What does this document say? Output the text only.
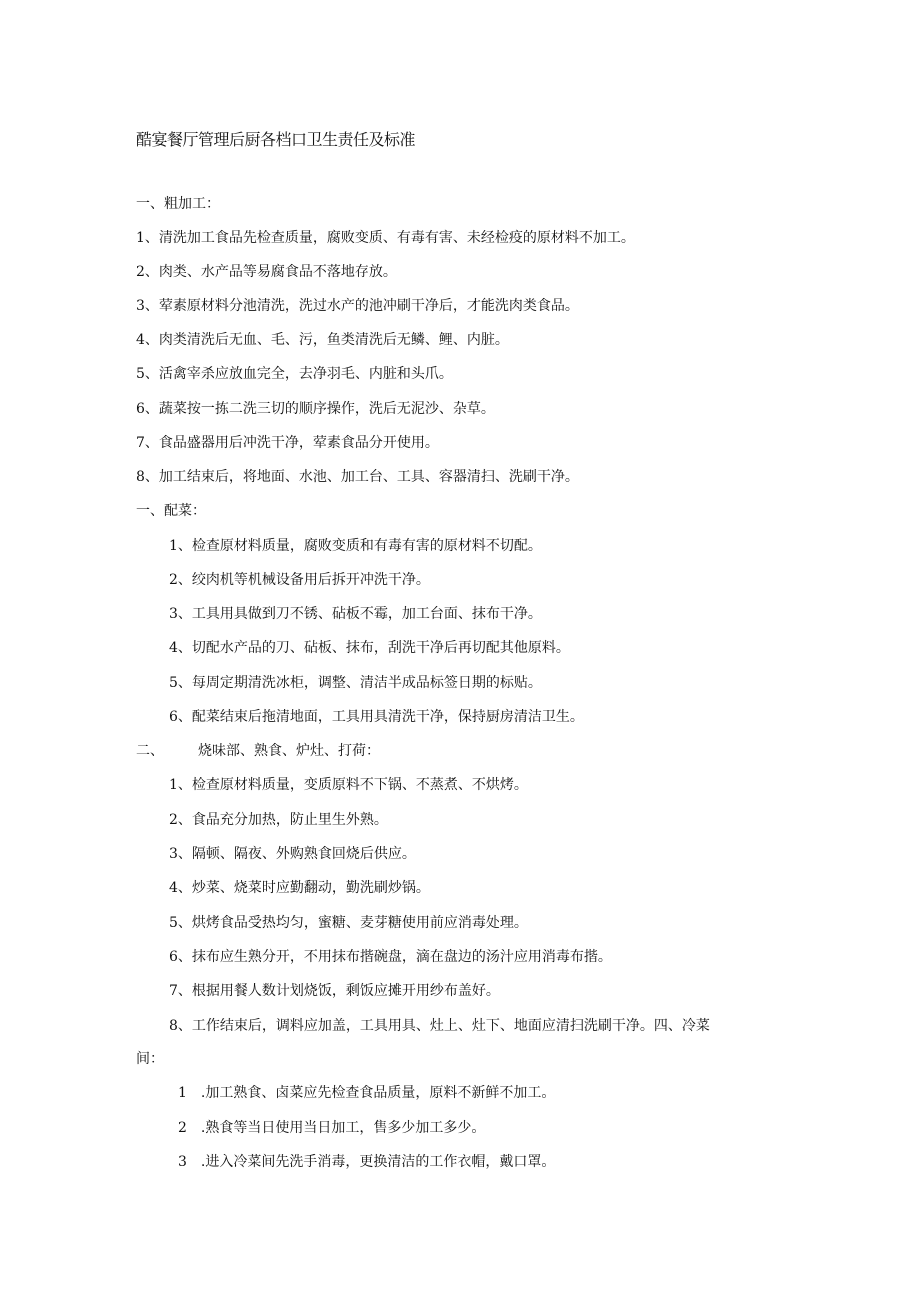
酷宴餐厅管理后厨各档口卫生责任及标准
一、粗加工：
1、清洗加工食品先检查质量，腐败变质、有毒有害、未经检疫的原材料不加工。
2、肉类、水产品等易腐食品不落地存放。
3、荤素原材料分池清洗，洗过水产的池冲刷干净后，才能洗肉类食品。
4、肉类清洗后无血、毛、污，鱼类清洗后无鳞、鲤、内脏。
5、活禽宰杀应放血完全，去净羽毛、内脏和头爪。
6、蔬菜按一拣二洗三切的顺序操作，洗后无泥沙、杂草。
7、食品盛器用后冲洗干净，荤素食品分开使用。
8、加工结束后，将地面、水池、加工台、工具、容器清扫、洗刷干净。
一、配菜：
1、检查原材料质量，腐败变质和有毒有害的原材料不切配。
2、绞肉机等机械设备用后拆开冲洗干净。
3、工具用具做到刀不锈、砧板不霉，加工台面、抹布干净。
4、切配水产品的刀、砧板、抹布，刮洗干净后再切配其他原料。
5、每周定期清洗冰柜，调整、清洁半成品标签日期的标贴。
6、配菜结束后拖清地面，工具用具清洗干净，保持厨房清洁卫生。
二、 烧味部、熟食、炉灶、打荷：
1、检查原材料质量，变质原料不下锅、不蒸煮、不烘烤。
2、食品充分加热，防止里生外熟。
3、隔顿、隔夜、外购熟食回烧后供应。
4、炒菜、烧菜时应勤翻动，勤洗刷炒锅。
5、烘烤食品受热均匀，蜜糖、麦芽糖使用前应消毒处理。
6、抹布应生熟分开，不用抹布揩碗盘，滴在盘边的汤汁应用消毒布揩。
7、根据用餐人数计划烧饭，剩饭应摊开用纱布盖好。
8、工作结束后，调料应加盖，工具用具、灶上、灶下、地面应清扫洗刷干净。四、冷菜
间：
1　.加工熟食、卤菜应先检查食品质量，原料不新鲜不加工。
2　.熟食等当日使用当日加工，售多少加工多少。
3　.进入冷菜间先洗手消毒，更换清洁的工作衣帽，戴口罩。
